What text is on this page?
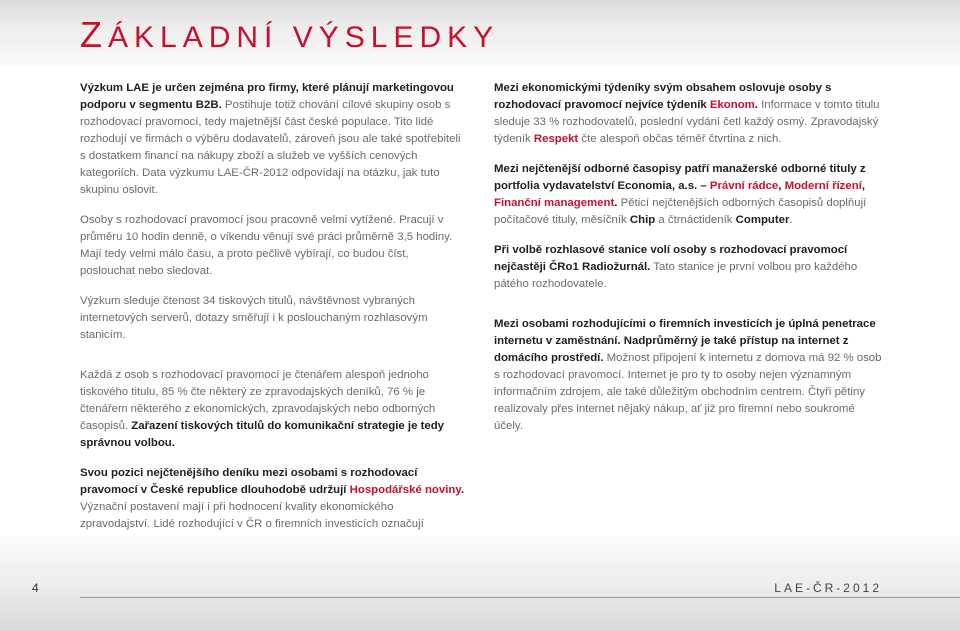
ZÁKLADNÍ VÝSLEDKY

Výzkum LAE je určen zejména pro firmy, které plánují marketingovou podporu v segmentu B2B. Postihuje totiž chování cílové skupiny osob s rozhodovací pravomocí, tedy majetnější část české populace. Tito lidé rozhodují ve firmách o výběru dodavatelů, zároveň jsou ale také spotřebiteli s dostatkem financí na nákupy zboží a služeb ve vyšších cenových kategoriích. Data výzkumu LAE-ČR-2012 odpovídají na otázku, jak tuto skupinu oslovit.

Osoby s rozhodovací pravomocí jsou pracovně velmi vytížené. Pracují v průměru 10 hodin denně, o víkendu věnují své práci průměrně 3,5 hodiny. Mají tedy velmi málo času, a proto pečlivě vybírají, co budou číst, poslouchat nebo sledovat.

Výzkum sleduje čtenost 34 tiskových titulů, návštěvnost vybraných internetových serverů, dotazy směřují i k poslouchaným rozhlasovým stanicím.

Každá z osob s rozhodovací pravomocí je čtenářem alespoň jednoho tiskového titulu, 85 % čte některý ze zpravodajských deníků, 76 % je čtenářem některého z ekonomických, zpravodajských nebo odborných časopisů. Zařazení tiskových titulů do komunikační strategie je tedy správnou volbou.

Svou pozici nejčtenějšího deníku mezi osobami s rozhodovací pravomocí v České republice dlouhodobě udržují Hospodářské noviny. Význační postavení mají i při hodnocení kvality ekonomického zpravodajství. Lidé rozhodující v ČR o firemních investicích označují

Mezi ekonomickými týdeníky svým obsahem oslovuje osoby s rozhodovací pravomocí nejvíce týdeník Ekonom. Informace v tomto titulu sleduje 33 % rozhodovatelů, poslední vydání četl každý osmý. Zpravodajský týdeník Respekt čte alespoň občas téměř čtvrtina z nich.

Mezi nejčtenější odborné časopisy patří manažerské odborné tituly z portfolia vydavatelství Economia, a.s. – Právní rádce, Moderní řízení, Finanční management. Pěticí nejčtenějších odborných časopisů doplňují počítačové tituly, měsíčník Chip a čtrnáctideník Computer.

Při volbě rozhlasové stanice volí osoby s rozhodovací pravomocí nejčastěji ČRo1 Radiožurnál. Tato stanice je první volbou pro každého pátého rozhodovatele.

Mezi osobami rozhodujícími o firemních investicích je úplná penetrace internetu v zaměstnání. Nadprůměrný je také přístup na internet z domácího prostředí. Možnost připojení k internetu z domova má 92 % osob s rozhodovací pravomocí. Internet je pro ty to osoby nejen významným informačním zdrojem, ale také důležitým obchodním centrem. Čtyři pětiny realizovaly přes internet nějaký nákup, ať již pro firemní nebo soukromé účely.

4	LAE-ČR-2012
